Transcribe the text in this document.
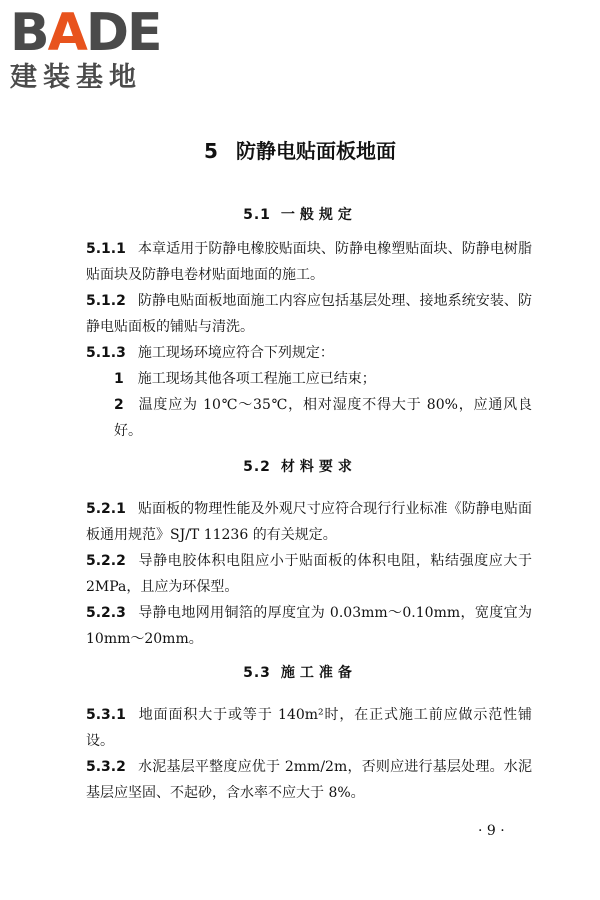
BADE
建装基地
5 防静电贴面板地面
5.1 一般规定
5.1.1 本章适用于防静电橡胶贴面块、防静电橡塑贴面块、防静电树脂贴面块及防静电卷材贴面地面的施工。
5.1.2 防静电贴面板地面施工内容应包括基层处理、接地系统安装、防静电贴面板的铺贴与清洗。
5.1.3 施工现场环境应符合下列规定：
1 施工现场其他各项工程施工应已结束；
2 温度应为 10℃～35℃，相对湿度不得大于 80%，应通风良好。
5.2 材料要求
5.2.1 贴面板的物理性能及外观尺寸应符合现行行业标准《防静电贴面板通用规范》SJ/T 11236 的有关规定。
5.2.2 导静电胶体积电阻应小于贴面板的体积电阻，粘结强度应大于 2MPa，且应为环保型。
5.2.3 导静电地网用铜箔的厚度宜为 0.03mm～0.10mm，宽度宜为 10mm～20mm。
5.3 施工准备
5.3.1 地面面积大于或等于 140m²时，在正式施工前应做示范性铺设。
5.3.2 水泥基层平整度应优于 2mm/2m，否则应进行基层处理。水泥基层应坚固、不起砂，含水率不应大于 8%。
· 9 ·
